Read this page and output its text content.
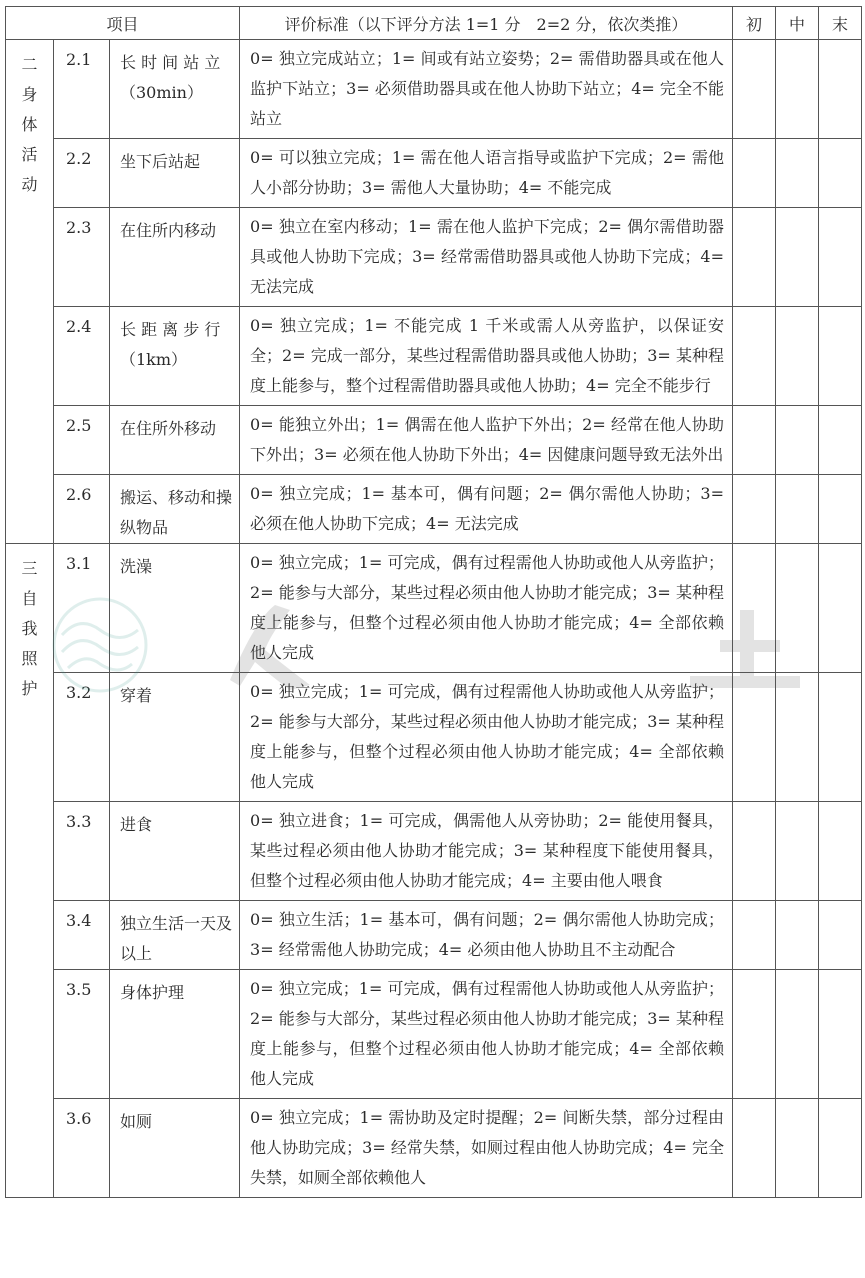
项目			评价标准（以下评分方法 1=1 分　2=2 分，依次类推）	初	中	末

二
身
体
活
动	2.1	长 时 间 站 立（30min）	0= 独立完成站立；1= 间或有站立姿势；2= 需借助器具或在他人监护下站立；3= 必须借助器具或在他人协助下站立；4= 完全不能站立			
	2.2	坐下后站起	0= 可以独立完成；1= 需在他人语言指导或监护下完成；2= 需他人小部分协助；3= 需他人大量协助；4= 不能完成			
	2.3	在住所内移动	0= 独立在室内移动；1= 需在他人监护下完成；2= 偶尔需借助器具或他人协助下完成；3= 经常需借助器具或他人协助下完成；4= 无法完成			
	2.4	长 距 离 步 行（1km）	0= 独立完成；1= 不能完成 1 千米或需人从旁监护，以保证安全；2= 完成一部分，某些过程需借助器具或他人协助；3= 某种程度上能参与，整个过程需借助器具或他人协助；4= 完全不能步行			
	2.5	在住所外移动	0= 能独立外出；1= 偶需在他人监护下外出；2= 经常在他人协助下外出；3= 必须在他人协助下外出；4= 因健康问题导致无法外出			
	2.6	搬运、移动和操纵物品	0= 独立完成；1= 基本可，偶有问题；2= 偶尔需他人协助；3= 必须在他人协助下完成；4= 无法完成			

三
自
我
照
护	3.1	洗澡	0= 独立完成；1= 可完成，偶有过程需他人协助或他人从旁监护；2= 能参与大部分，某些过程必须由他人协助才能完成；3= 某种程度上能参与，但整个过程必须由他人协助才能完成；4= 全部依赖他人完成			
	3.2	穿着	0= 独立完成；1= 可完成，偶有过程需他人协助或他人从旁监护；2= 能参与大部分，某些过程必须由他人协助才能完成；3= 某种程度上能参与，但整个过程必须由他人协助才能完成；4= 全部依赖他人完成			
	3.3	进食	0= 独立进食；1= 可完成，偶需他人从旁协助；2= 能使用餐具，某些过程必须由他人协助才能完成；3= 某种程度下能使用餐具，但整个过程必须由他人协助才能完成；4= 主要由他人喂食			
	3.4	独立生活一天及以上	0= 独立生活；1= 基本可，偶有问题；2= 偶尔需他人协助完成；3= 经常需他人协助完成；4= 必须由他人协助且不主动配合			
	3.5	身体护理	0= 独立完成；1= 可完成，偶有过程需他人协助或他人从旁监护；2= 能参与大部分，某些过程必须由他人协助才能完成；3= 某种程度上能参与，但整个过程必须由他人协助才能完成；4= 全部依赖他人完成			
	3.6	如厕	0= 独立完成；1= 需协助及定时提醒；2= 间断失禁，部分过程由他人协助完成；3= 经常失禁，如厕过程由他人协助完成；4= 完全失禁，如厕全部依赖他人			
